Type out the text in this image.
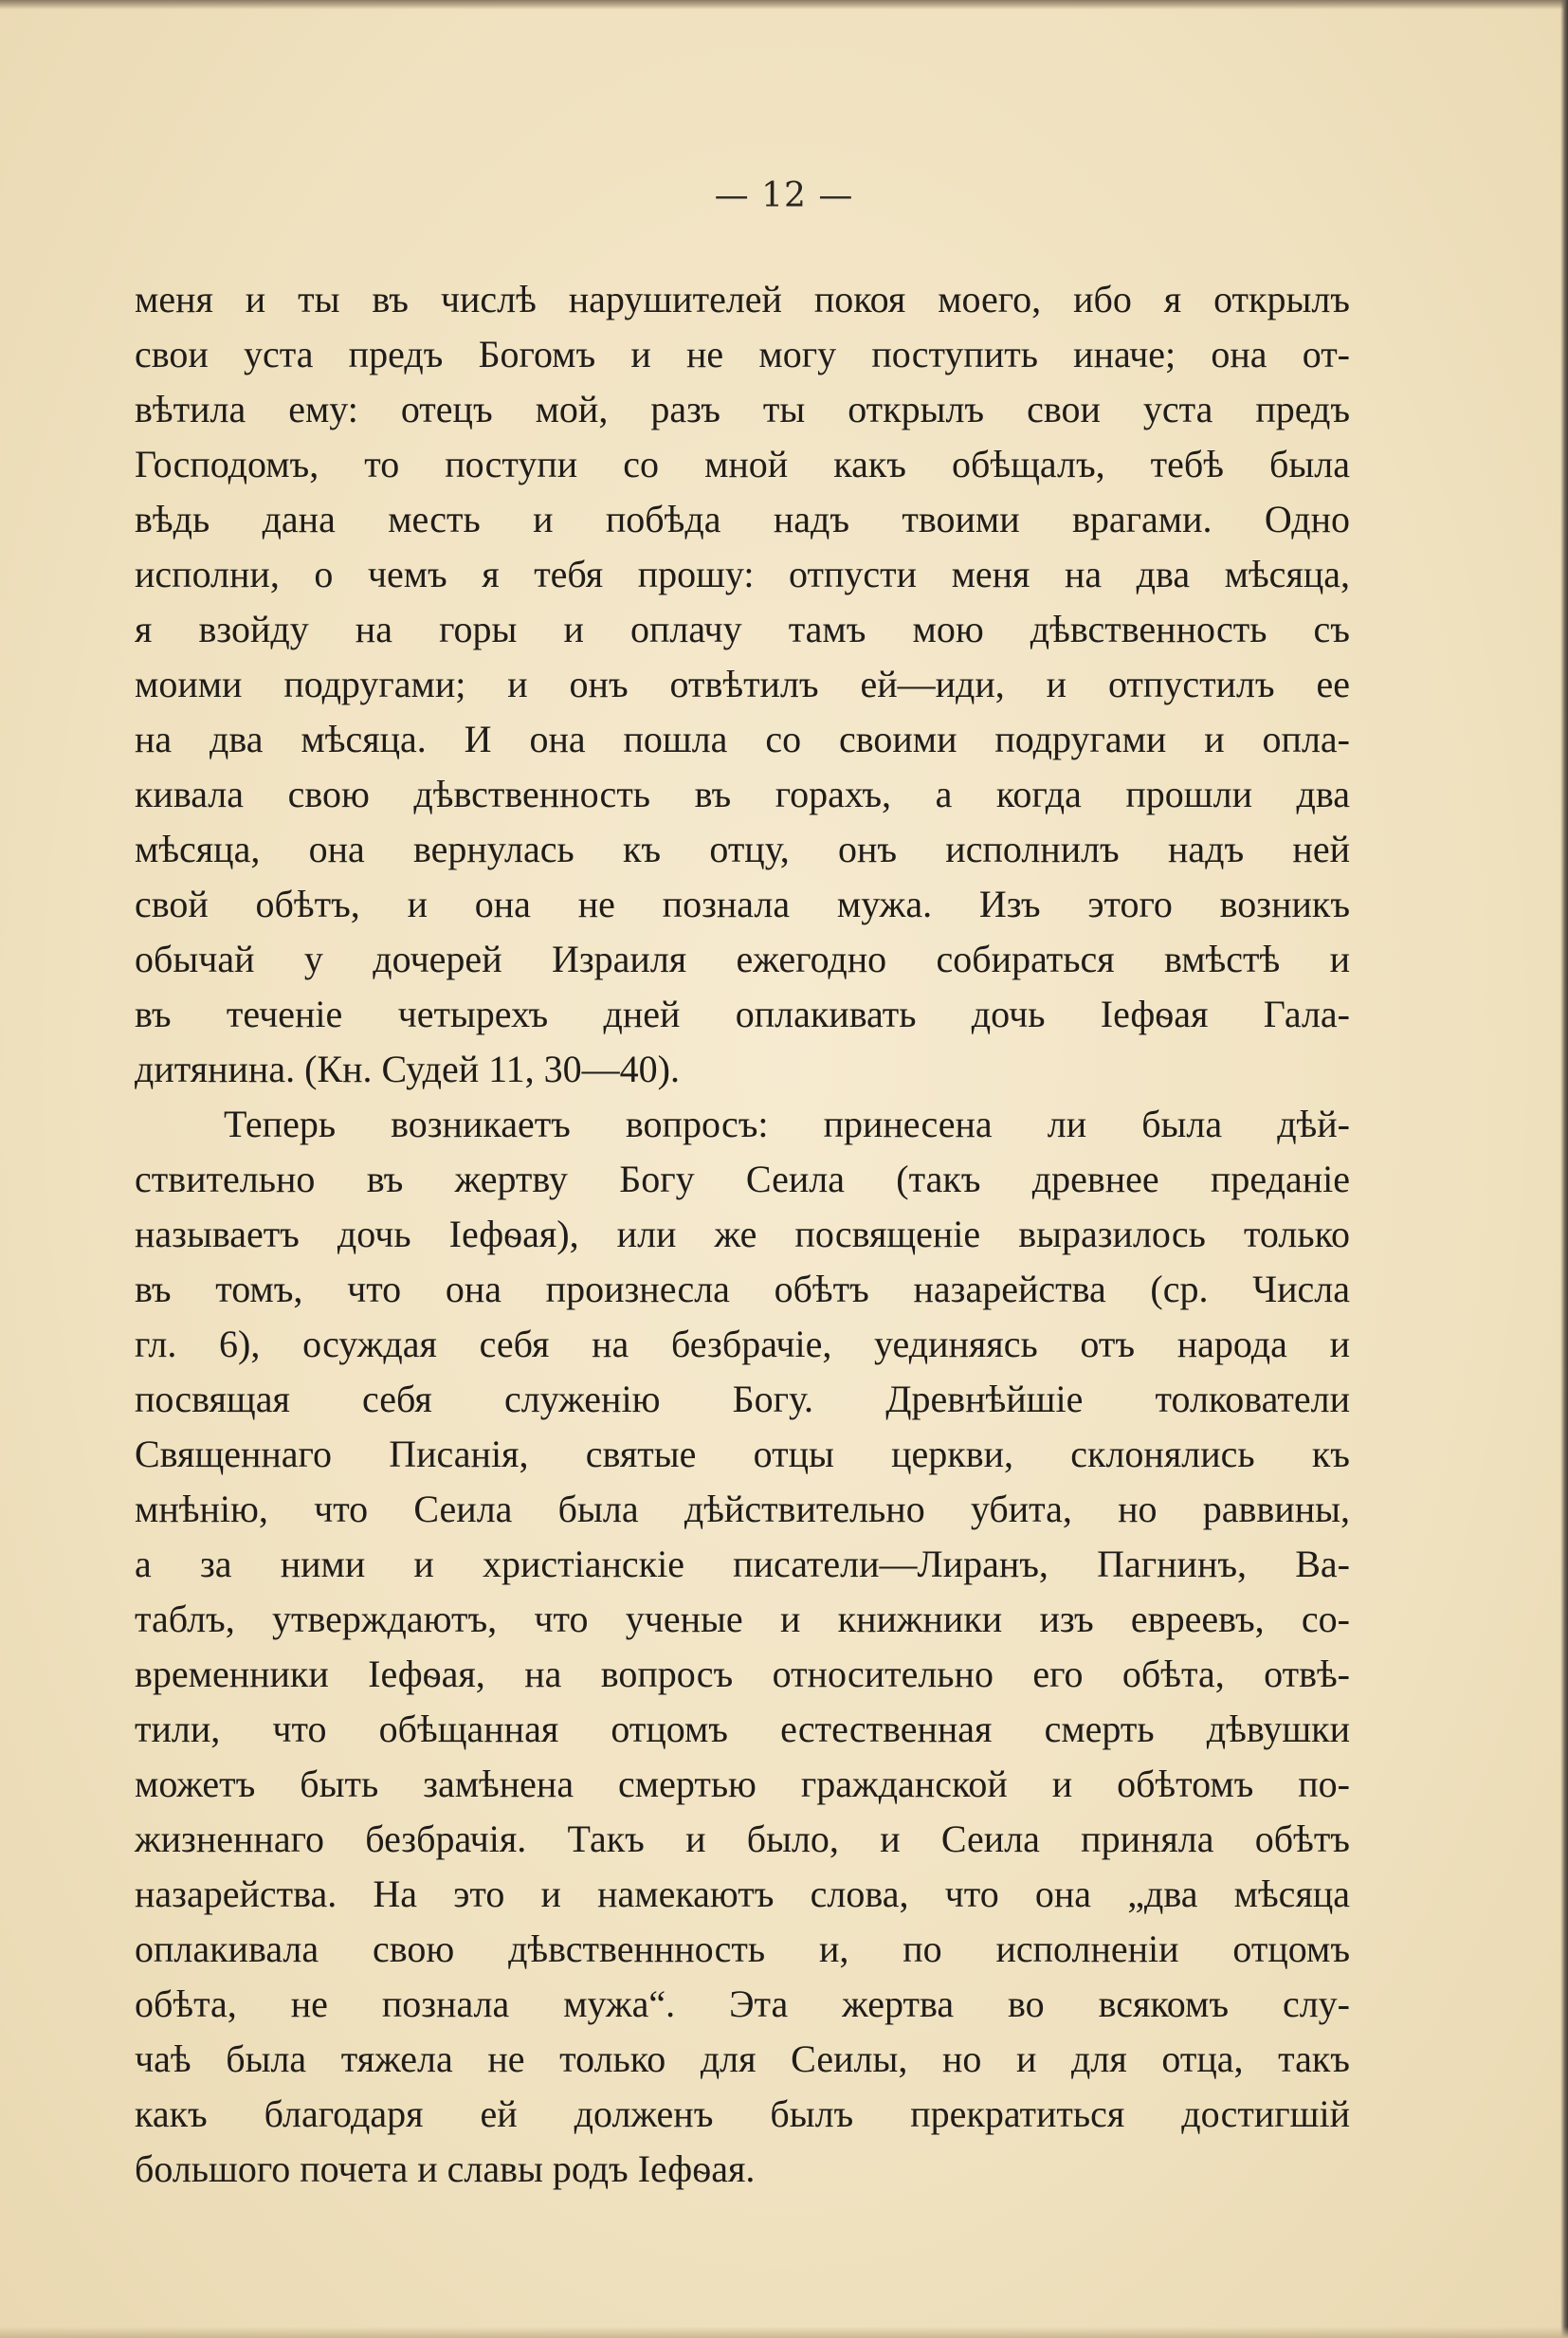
— 12 —
меня и ты въ числѣ нарушителей покоя моего, ибо я открылъ
свои уста предъ Богомъ и не могу поступить иначе; она от-
вѣтила ему: отецъ мой, разъ ты открылъ свои уста предъ
Господомъ, то поступи со мной какъ обѣщалъ, тебѣ была
вѣдь дана месть и побѣда надъ твоими врагами. Одно
исполни, о чемъ я тебя прошу: отпусти меня на два мѣсяца,
я взойду на горы и оплачу тамъ мою дѣвственность съ
моими подругами; и онъ отвѣтилъ ей—иди, и отпустилъ ее
на два мѣсяца. И она пошла со своими подругами и опла-
кивала свою дѣвственность въ горахъ, а когда прошли два
мѣсяца, она вернулась къ отцу, онъ исполнилъ надъ ней
свой обѣтъ, и она не познала мужа. Изъ этого возникъ
обычай у дочерей Израиля ежегодно собираться вмѣстѣ и
въ теченіе четырехъ дней оплакивать дочь Іефѳая Гала-
дитянина. (Кн. Судей 11, 30—40).
Теперь возникаетъ вопросъ: принесена ли была дѣй-
ствительно въ жертву Богу Сеила (такъ древнее преданіе
называетъ дочь Іефѳая), или же посвященіе выразилось только
въ томъ, что она произнесла обѣтъ назарейства (ср. Числа
гл. 6), осуждая себя на безбрачіе, уединяясь отъ народа и
посвящая себя служенію Богу. Древнѣйшіе толкователи
Священнаго Писанія, святые отцы церкви, склонялись къ
мнѣнію, что Сеила была дѣйствительно убита, но раввины,
а за ними и христіанскіе писатели—Лиранъ, Пагнинъ, Ва-
таблъ, утверждаютъ, что ученые и книжники изъ евреевъ, со-
временники Іефѳая, на вопросъ относительно его обѣта, отвѣ-
тили, что обѣщанная отцомъ естественная смерть дѣвушки
можетъ быть замѣнена смертью гражданской и обѣтомъ по-
жизненнаго безбрачія. Такъ и было, и Сеила приняла обѣтъ
назарейства. На это и намекаютъ слова, что она „два мѣсяца
оплакивала свою дѣвственнность и, по исполненіи отцомъ
обѣта, не познала мужа“. Эта жертва во всякомъ слу-
чаѣ была тяжела не только для Сеилы, но и для отца, такъ
какъ благодаря ей долженъ былъ прекратиться достигшій
большого почета и славы родъ Іефѳая.
